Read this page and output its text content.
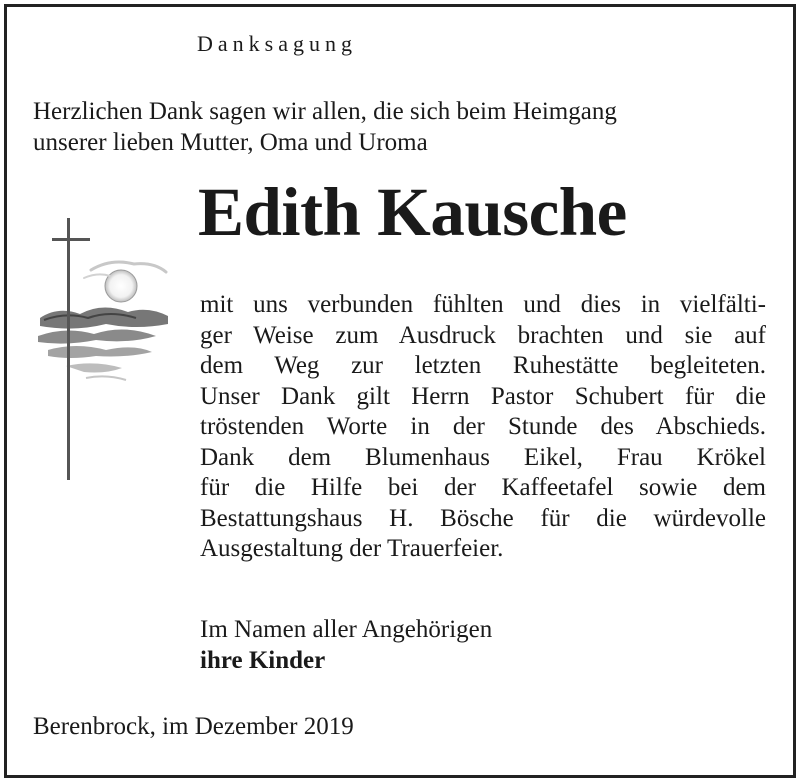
Danksagung
Herzlichen Dank sagen wir allen, die sich beim Heimgang
unserer lieben Mutter, Oma und Uroma
Edith Kausche
mit uns verbunden fühlten und dies in vielfälti-
ger Weise zum Ausdruck brachten und sie auf
dem Weg zur letzten Ruhestätte begleiteten.
Unser Dank gilt Herrn Pastor Schubert für die
tröstenden Worte in der Stunde des Abschieds.
Dank dem Blumenhaus Eikel, Frau Krökel
für die Hilfe bei der Kaffeetafel sowie dem
Bestattungshaus H. Bösche für die würdevolle
Ausgestaltung der Trauerfeier.
Im Namen aller Angehörigen
ihre Kinder
Berenbrock, im Dezember 2019
